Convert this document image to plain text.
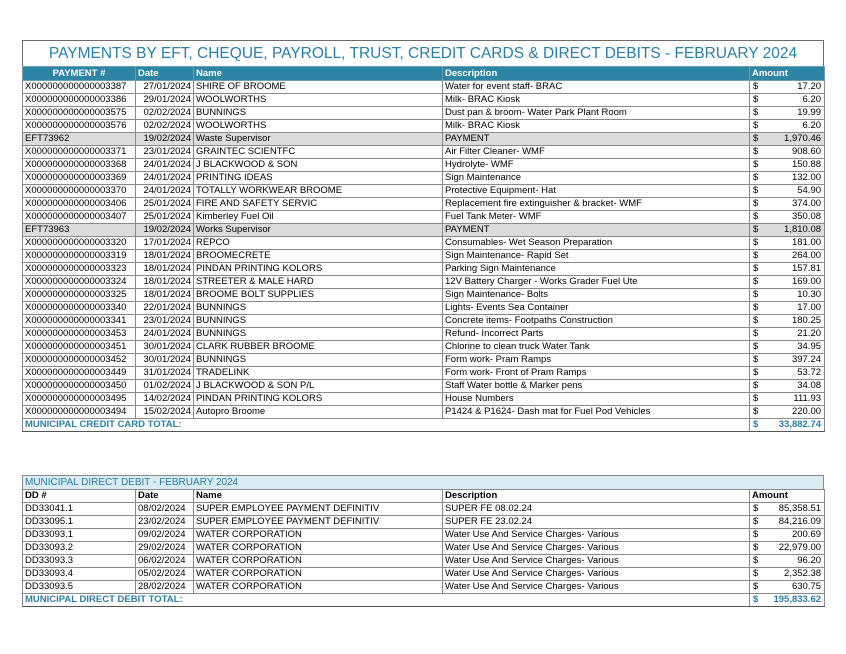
PAYMENTS BY EFT, CHEQUE, PAYROLL, TRUST, CREDIT CARDS & DIRECT DEBITS - FEBRUARY 2024
PAYMENT #	Date	Name	Description	Amount	
X000000000000003387	27/01/2024	SHIRE OF BROOME	Water for event staff- BRAC	$	17.20
X000000000000003386	29/01/2024	WOOLWORTHS	Milk- BRAC Kiosk	$	6.20
X000000000000003575	02/02/2024	BUNNINGS	Dust pan & broom- Water Park Plant Room	$	19.99
X000000000000003576	02/02/2024	WOOLWORTHS	Milk- BRAC Kiosk	$	6.20
EFT73962	19/02/2024	Waste Supervisor	PAYMENT	$	1,970.46
X000000000000003371	23/01/2024	GRAINTEC SCIENTFC	Air Filter Cleaner- WMF	$	908.60
X000000000000003368	24/01/2024	J BLACKWOOD & SON	Hydrolyte- WMF	$	150.88
X000000000000003369	24/01/2024	PRINTING IDEAS	Sign Maintenance	$	132.00
X000000000000003370	24/01/2024	TOTALLY WORKWEAR BROOME	Protective Equipment- Hat	$	54.90
X000000000000003406	25/01/2024	FIRE AND SAFETY SERVIC	Replacement fire extinguisher & bracket- WMF	$	374.00
X000000000000003407	25/01/2024	Kimberley Fuel Oil	Fuel Tank Meter- WMF	$	350.08
EFT73963	19/02/2024	Works Supervisor	PAYMENT	$	1,810.08
X000000000000003320	17/01/2024	REPCO	Consumables- Wet Season Preparation	$	181.00
X000000000000003319	18/01/2024	BROOMECRETE	Sign Maintenance- Rapid Set	$	264.00
X000000000000003323	18/01/2024	PINDAN PRINTING KOLORS	Parking Sign Maintenance	$	157.81
X000000000000003324	18/01/2024	STREETER & MALE HARD	12V Battery Charger - Works Grader Fuel Ute	$	169.00
X000000000000003325	18/01/2024	BROOME BOLT SUPPLIES	Sign Maintenance- Bolts	$	10.30
X000000000000003340	22/01/2024	BUNNINGS	Lights- Events Sea Container	$	17.00
X000000000000003341	23/01/2024	BUNNINGS	Concrete items- Footpaths Construction	$	180.25
X000000000000003453	24/01/2024	BUNNINGS	Refund- Incorrect Parts	$	21.20
X000000000000003451	30/01/2024	CLARK RUBBER BROOME	Chlorine to clean truck Water Tank	$	34.95
X000000000000003452	30/01/2024	BUNNINGS	Form work- Pram Ramps	$	397.24
X000000000000003449	31/01/2024	TRADELINK	Form work- Front of Pram Ramps	$	53.72
X000000000000003450	01/02/2024	J BLACKWOOD & SON P/L	Staff Water bottle & Marker pens	$	34.08
X000000000000003495	14/02/2024	PINDAN PRINTING KOLORS	House Numbers	$	111.93
X000000000000003494	15/02/2024	Autopro Broome	P1424 & P1624- Dash mat for Fuel Pod Vehicles	$	220.00
MUNICIPAL CREDIT CARD TOTAL:				$	33,882.74
MUNICIPAL DIRECT DEBIT - FEBRUARY 2024
DD #	Date	Name	Description	Amount	
DD33041.1	08/02/2024	SUPER EMPLOYEE PAYMENT DEFINITIV	SUPER FE 08.02.24	$	85,358.51
DD33095.1	23/02/2024	SUPER EMPLOYEE PAYMENT DEFINITIV	SUPER FE 23.02.24	$	84,216.09
DD33093.1	09/02/2024	WATER CORPORATION	Water Use And Service Charges- Various	$	200.69
DD33093.2	29/02/2024	WATER CORPORATION	Water Use And Service Charges- Various	$	22,979.00
DD33093.3	06/02/2024	WATER CORPORATION	Water Use And Service Charges- Various	$	96.20
DD33093.4	05/02/2024	WATER CORPORATION	Water Use And Service Charges- Various	$	2,352.38
DD33093.5	28/02/2024	WATER CORPORATION	Water Use And Service Charges- Various	$	630.75
MUNICIPAL DIRECT DEBIT TOTAL:				$	195,833.62
